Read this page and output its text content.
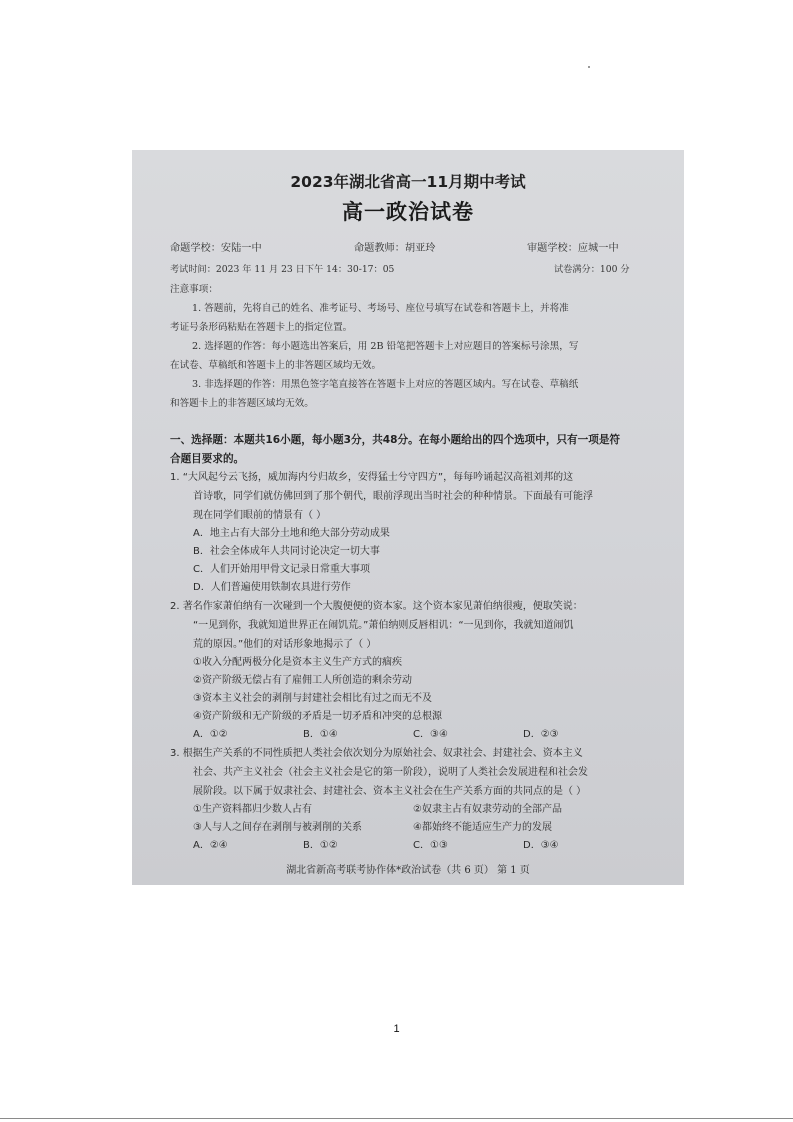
2023年湖北省高一11月期中考试
高一政治试卷
命题学校：安陆一中	命题教师：胡亚玲	审题学校：应城一中
考试时间：2023 年 11 月 23 日下午 14：30-17：05	试卷满分：100 分
注意事项：
1. 答题前，先将自己的姓名、准考证号、考场号、座位号填写在试卷和答题卡上，并将准
考证号条形码粘贴在答题卡上的指定位置。
2. 选择题的作答：每小题选出答案后，用 2B 铅笔把答题卡上对应题目的答案标号涂黑，写
在试卷、草稿纸和答题卡上的非答题区域均无效。
3. 非选择题的作答：用黑色签字笔直接答在答题卡上对应的答题区域内。写在试卷、草稿纸
和答题卡上的非答题区域均无效。
一、选择题：本题共16小题，每小题3分，共48分。在每小题给出的四个选项中，只有一项是符
合题目要求的。
1. “大风起兮云飞扬，威加海内兮归故乡，安得猛士兮守四方”，每每吟诵起汉高祖刘邦的这
首诗歌，同学们就仿佛回到了那个朝代，眼前浮现出当时社会的种种情景。下面最有可能浮
现在同学们眼前的情景有（ ）
A．地主占有大部分土地和绝大部分劳动成果
B．社会全体成年人共同讨论决定一切大事
C．人们开始用甲骨文记录日常重大事项
D．人们普遍使用铁制农具进行劳作
2. 著名作家萧伯纳有一次碰到一个大腹便便的资本家。这个资本家见萧伯纳很瘦，便取笑说：
“一见到你，我就知道世界正在闹饥荒。”萧伯纳则反唇相讥：“一见到你，我就知道闹饥
荒的原因。”他们的对话形象地揭示了（ ）
①收入分配两极分化是资本主义生产方式的痼疾
②资产阶级无偿占有了雇佣工人所创造的剩余劳动
③资本主义社会的剥削与封建社会相比有过之而无不及
④资产阶级和无产阶级的矛盾是一切矛盾和冲突的总根源
A．①②	B．①④	C．③④	D．②③
3. 根据生产关系的不同性质把人类社会依次划分为原始社会、奴隶社会、封建社会、资本主义
社会、共产主义社会（社会主义社会是它的第一阶段），说明了人类社会发展进程和社会发
展阶段。以下属于奴隶社会、封建社会、资本主义社会在生产关系方面的共同点的是（ ）
①生产资料都归少数人占有	②奴隶主占有奴隶劳动的全部产品
③人与人之间存在剥削与被剥削的关系	④都始终不能适应生产力的发展
A．②④	B．①②	C．①③	D．③④
湖北省新高考联考协作体*政治试卷（共 6 页） 第 1 页
1
